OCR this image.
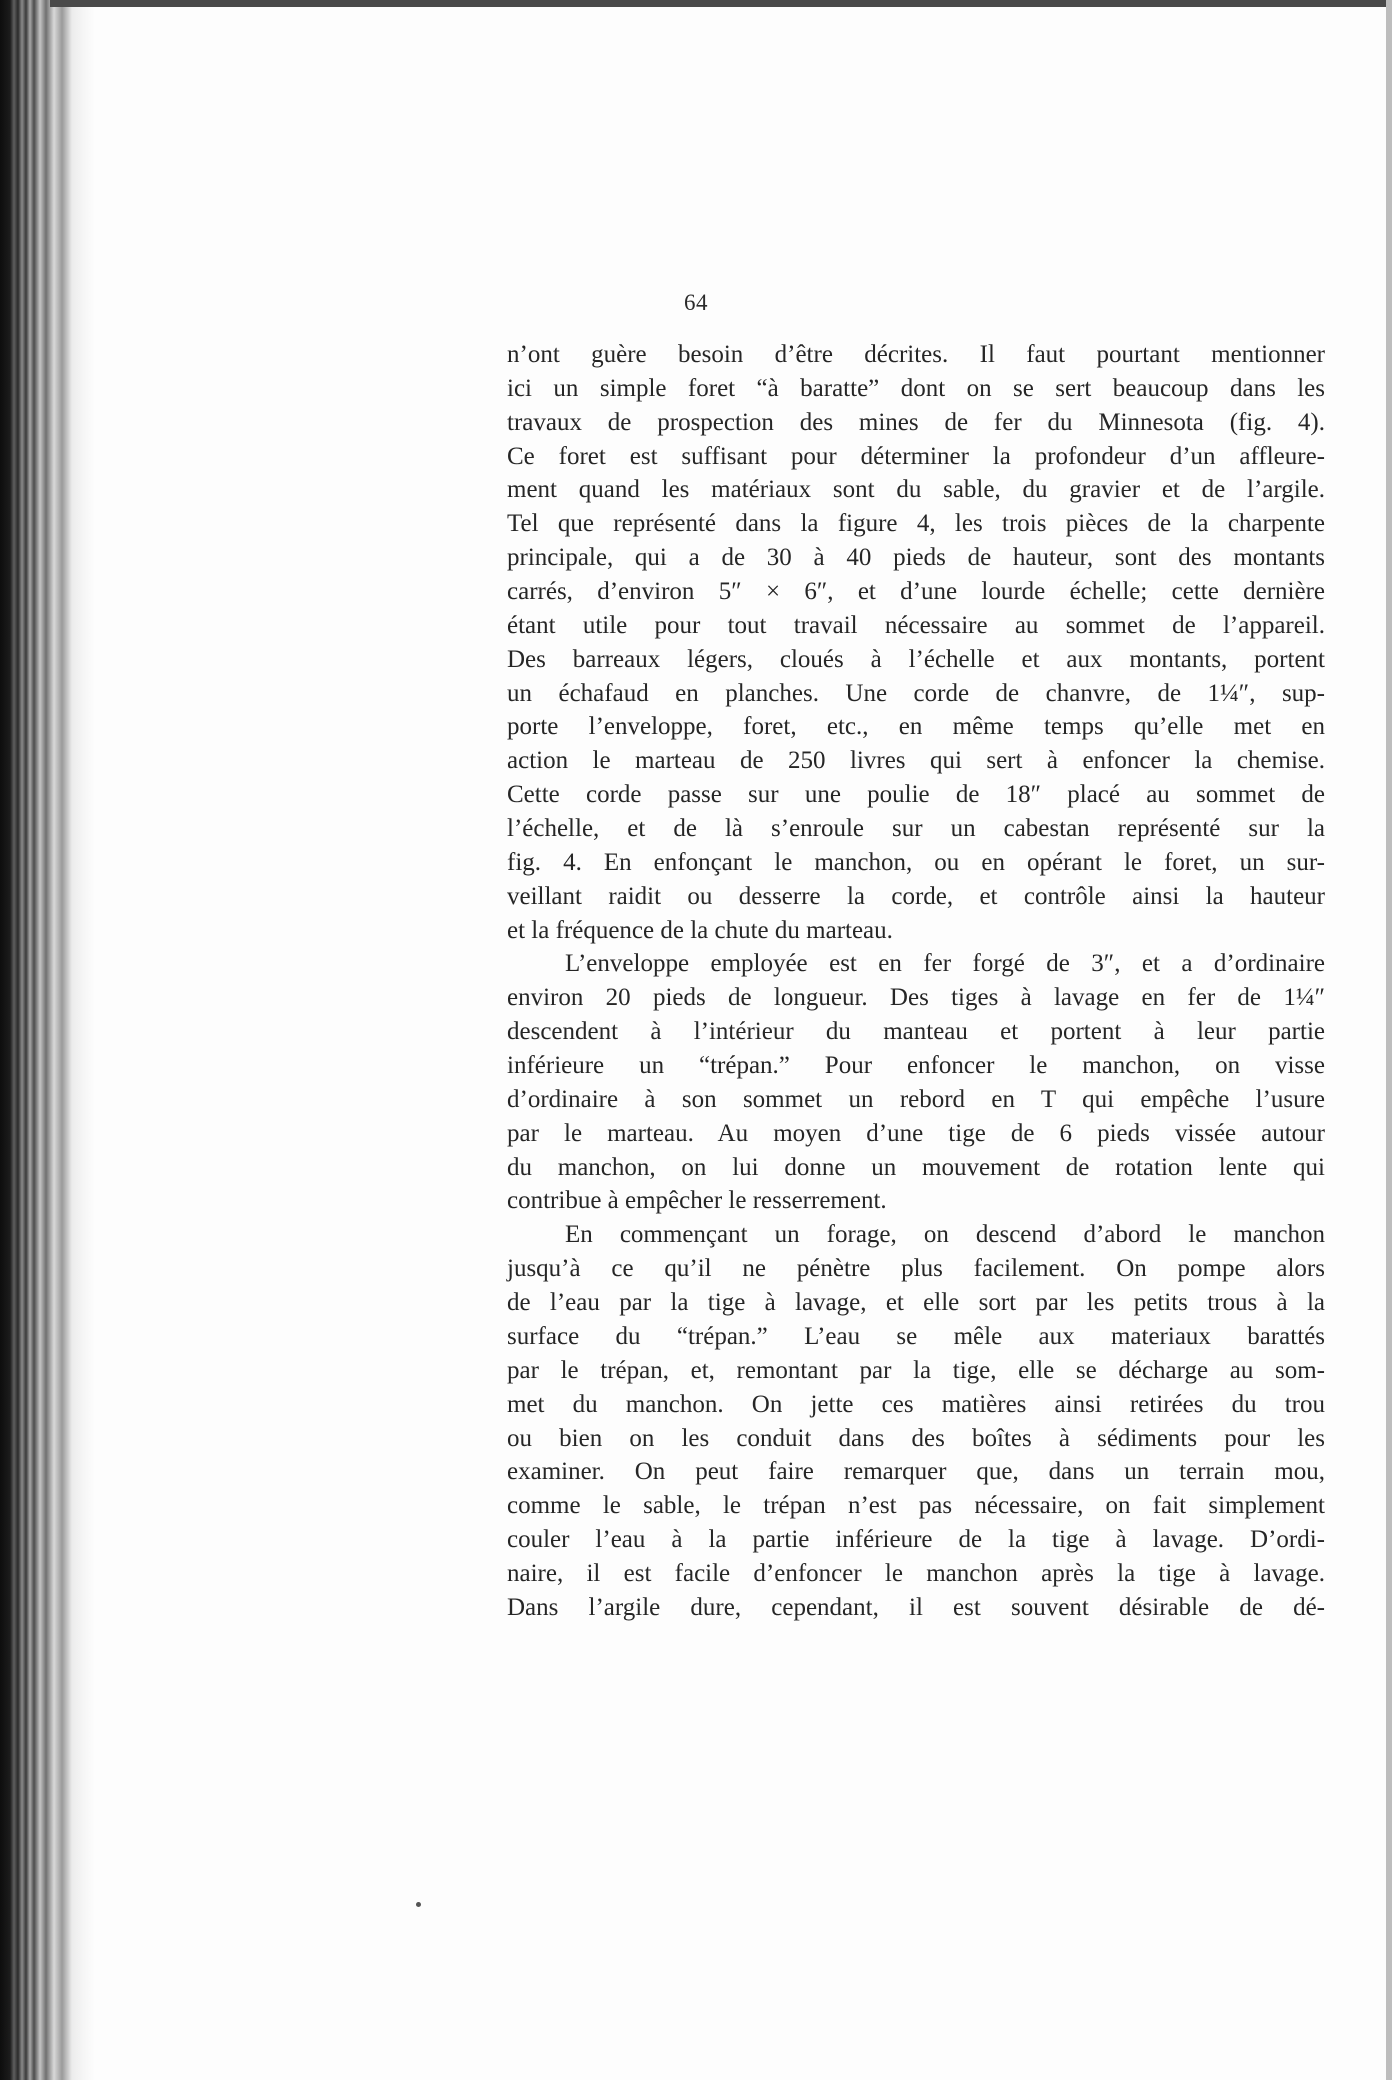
64
n’ont guère besoin d’être décrites. Il faut pourtant mentionner
ici un simple foret “à baratte” dont on se sert beaucoup dans les
travaux de prospection des mines de fer du Minnesota (fig. 4).
Ce foret est suffisant pour déterminer la profondeur d’un affleure-
ment quand les matériaux sont du sable, du gravier et de l’argile.
Tel que représenté dans la figure 4, les trois pièces de la charpente
principale, qui a de 30 à 40 pieds de hauteur, sont des montants
carrés, d’environ 5″ × 6″, et d’une lourde échelle; cette dernière
étant utile pour tout travail nécessaire au sommet de l’appareil.
Des barreaux légers, cloués à l’échelle et aux montants, portent
un échafaud en planches. Une corde de chanvre, de 1¼″, sup-
porte l’enveloppe, foret, etc., en même temps qu’elle met en
action le marteau de 250 livres qui sert à enfoncer la chemise.
Cette corde passe sur une poulie de 18″ placé au sommet de
l’échelle, et de là s’enroule sur un cabestan représenté sur la
fig. 4. En enfonçant le manchon, ou en opérant le foret, un sur-
veillant raidit ou desserre la corde, et contrôle ainsi la hauteur
et la fréquence de la chute du marteau.
L’enveloppe employée est en fer forgé de 3″, et a d’ordinaire
environ 20 pieds de longueur. Des tiges à lavage en fer de 1¼″
descendent à l’intérieur du manteau et portent à leur partie
inférieure un “trépan.” Pour enfoncer le manchon, on visse
d’ordinaire à son sommet un rebord en T qui empêche l’usure
par le marteau. Au moyen d’une tige de 6 pieds vissée autour
du manchon, on lui donne un mouvement de rotation lente qui
contribue à empêcher le resserrement.
En commençant un forage, on descend d’abord le manchon
jusqu’à ce qu’il ne pénètre plus facilement. On pompe alors
de l’eau par la tige à lavage, et elle sort par les petits trous à la
surface du “trépan.” L’eau se mêle aux materiaux barattés
par le trépan, et, remontant par la tige, elle se décharge au som-
met du manchon. On jette ces matières ainsi retirées du trou
ou bien on les conduit dans des boîtes à sédiments pour les
examiner. On peut faire remarquer que, dans un terrain mou,
comme le sable, le trépan n’est pas nécessaire, on fait simplement
couler l’eau à la partie inférieure de la tige à lavage. D’ordi-
naire, il est facile d’enfoncer le manchon après la tige à lavage.
Dans l’argile dure, cependant, il est souvent désirable de dé-
